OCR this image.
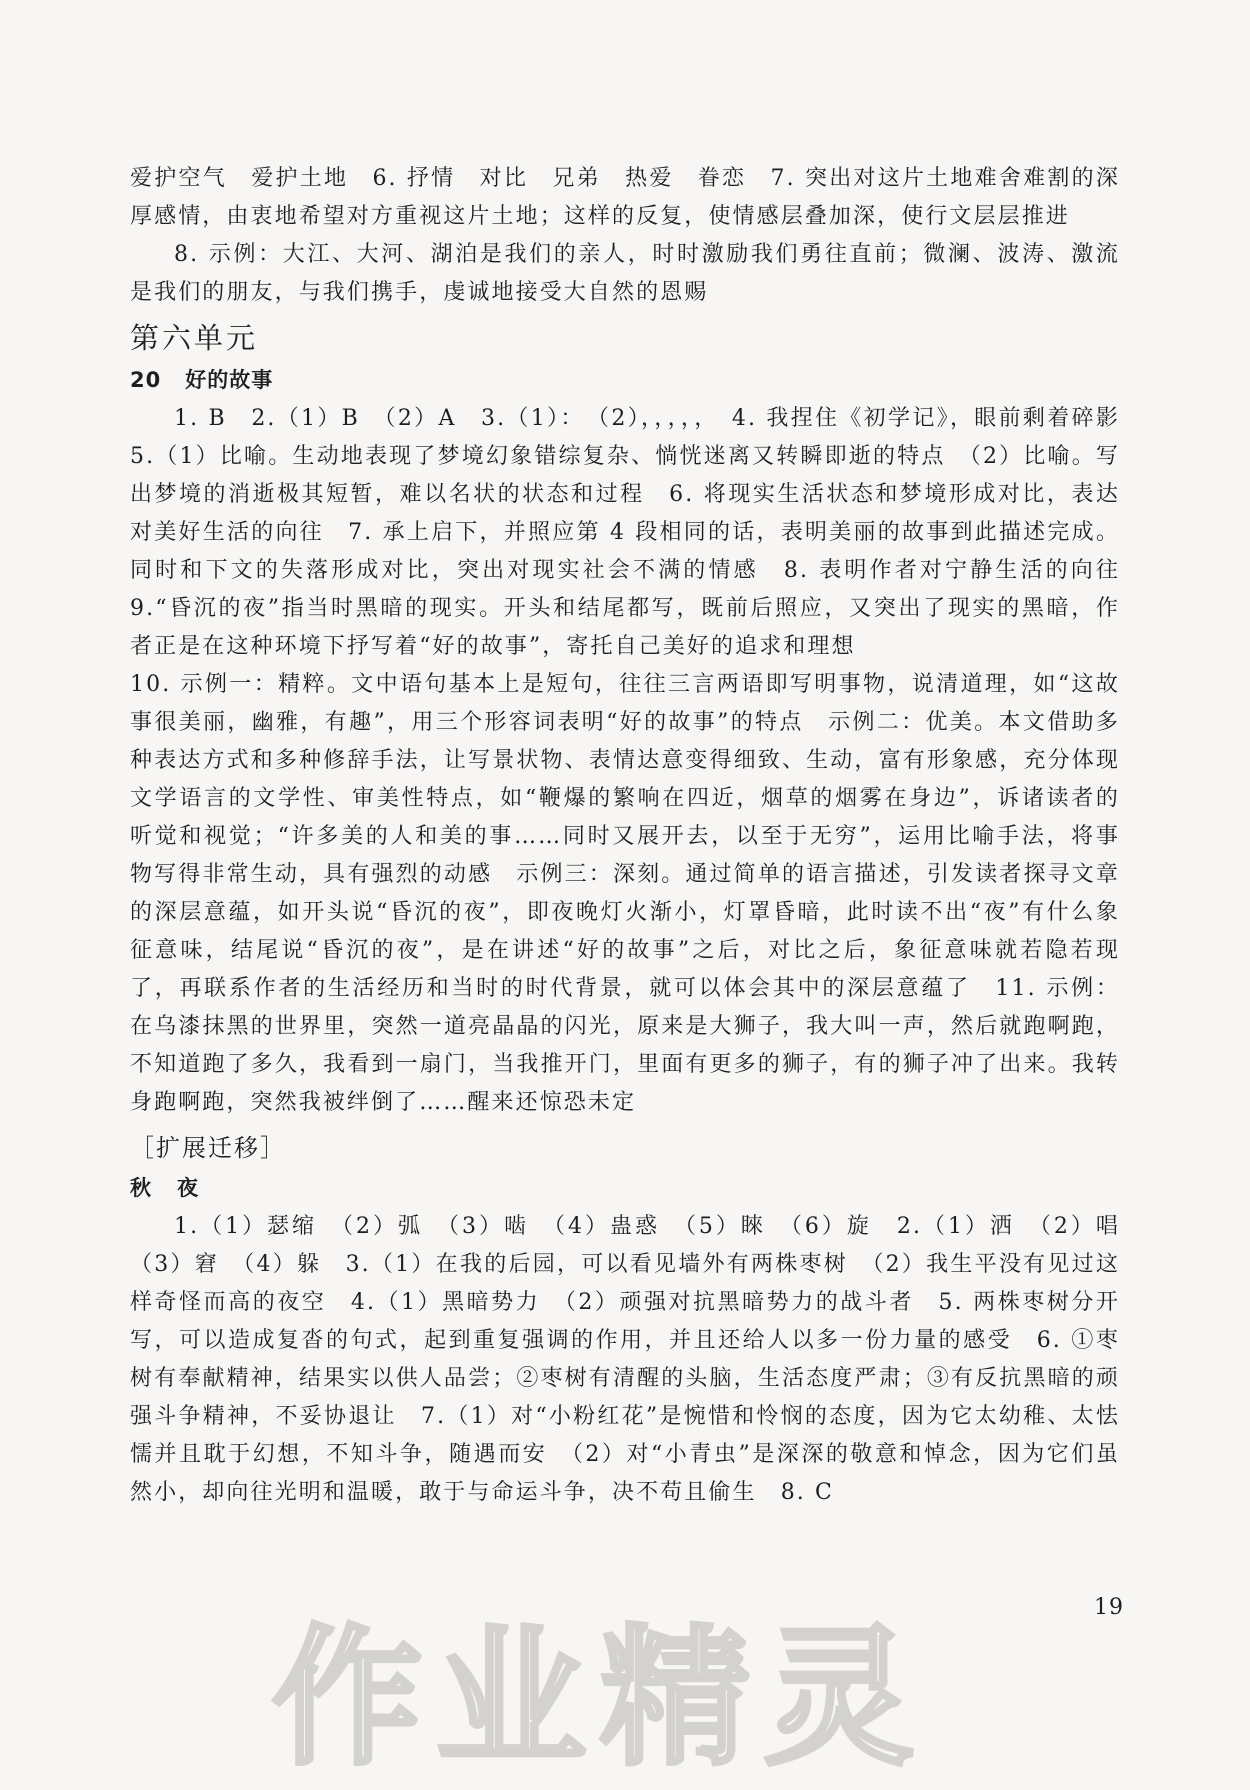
爱护空气　爱护土地　6. 抒情　对比　兄弟　热爱　眷恋　7. 突出对这片土地难舍难割的深厚感情，由衷地希望对方重视这片土地；这样的反复，使情感层叠加深，使行文层层推进

8. 示例：大江、大河、湖泊是我们的亲人，时时激励我们勇往直前；微澜、波涛、激流是我们的朋友，与我们携手，虔诚地接受大自然的恩赐

第六单元
20 好的故事

1. B　2.（1）B　（2）A　3.（1）：　（2），，，，，　4. 我捏住《初学记》，眼前剩着碎影　5.（1）比喻。生动地表现了梦境幻象错综复杂、惝恍迷离又转瞬即逝的特点　（2）比喻。写出梦境的消逝极其短暂，难以名状的状态和过程　6. 将现实生活状态和梦境形成对比，表达对美好生活的向往　7. 承上启下，并照应第 4 段相同的话，表明美丽的故事到此描述完成。同时和下文的失落形成对比，突出对现实社会不满的情感　8. 表明作者对宁静生活的向往　9.“昏沉的夜”指当时黑暗的现实。开头和结尾都写，既前后照应，又突出了现实的黑暗，作者正是在这种环境下抒写着“好的故事”，寄托自己美好的追求和理想

10. 示例一：精粹。文中语句基本上是短句，往往三言两语即写明事物，说清道理，如“这故事很美丽，幽雅，有趣”，用三个形容词表明“好的故事”的特点　示例二：优美。本文借助多种表达方式和多种修辞手法，让写景状物、表情达意变得细致、生动，富有形象感，充分体现文学语言的文学性、审美性特点，如“鞭爆的繁响在四近，烟草的烟雾在身边”，诉诸读者的听觉和视觉；“许多美的人和美的事……同时又展开去，以至于无穷”，运用比喻手法，将事物写得非常生动，具有强烈的动感　示例三：深刻。通过简单的语言描述，引发读者探寻文章的深层意蕴，如开头说“昏沉的夜”，即夜晚灯火渐小，灯罩昏暗，此时读不出“夜”有什么象征意味，结尾说“昏沉的夜”，是在讲述“好的故事”之后，对比之后，象征意味就若隐若现了，再联系作者的生活经历和当时的时代背景，就可以体会其中的深层意蕴了　11. 示例：在乌漆抹黑的世界里，突然一道亮晶晶的闪光，原来是大狮子，我大叫一声，然后就跑啊跑，不知道跑了多久，我看到一扇门，当我推开门，里面有更多的狮子，有的狮子冲了出来。我转身跑啊跑，突然我被绊倒了……醒来还惊恐未定

［扩展迁移］
秋夜

1.（1）瑟缩　（2）弧　（3）啮　（4）蛊惑　（5）睞　（6）旋　2.（1）洒　（2）唱　（3）窘　（4）躲　3.（1）在我的后园，可以看见墙外有两株枣树　（2）我生平没有见过这样奇怪而高的夜空　4.（1）黑暗势力　（2）顽强对抗黑暗势力的战斗者　5. 两株枣树分开写，可以造成复沓的句式，起到重复强调的作用，并且还给人以多一份力量的感受　6. ①枣树有奉献精神，结果实以供人品尝；②枣树有清醒的头脑，生活态度严肃；③有反抗黑暗的顽强斗争精神，不妥协退让　7.（1）对“小粉红花”是惋惜和怜悯的态度，因为它太幼稚、太怯懦并且耽于幻想，不知斗争，随遇而安　（2）对“小青虫”是深深的敬意和悼念，因为它们虽然小，却向往光明和温暖，敢于与命运斗争，决不苟且偷生　8. C

19
作业精灵
